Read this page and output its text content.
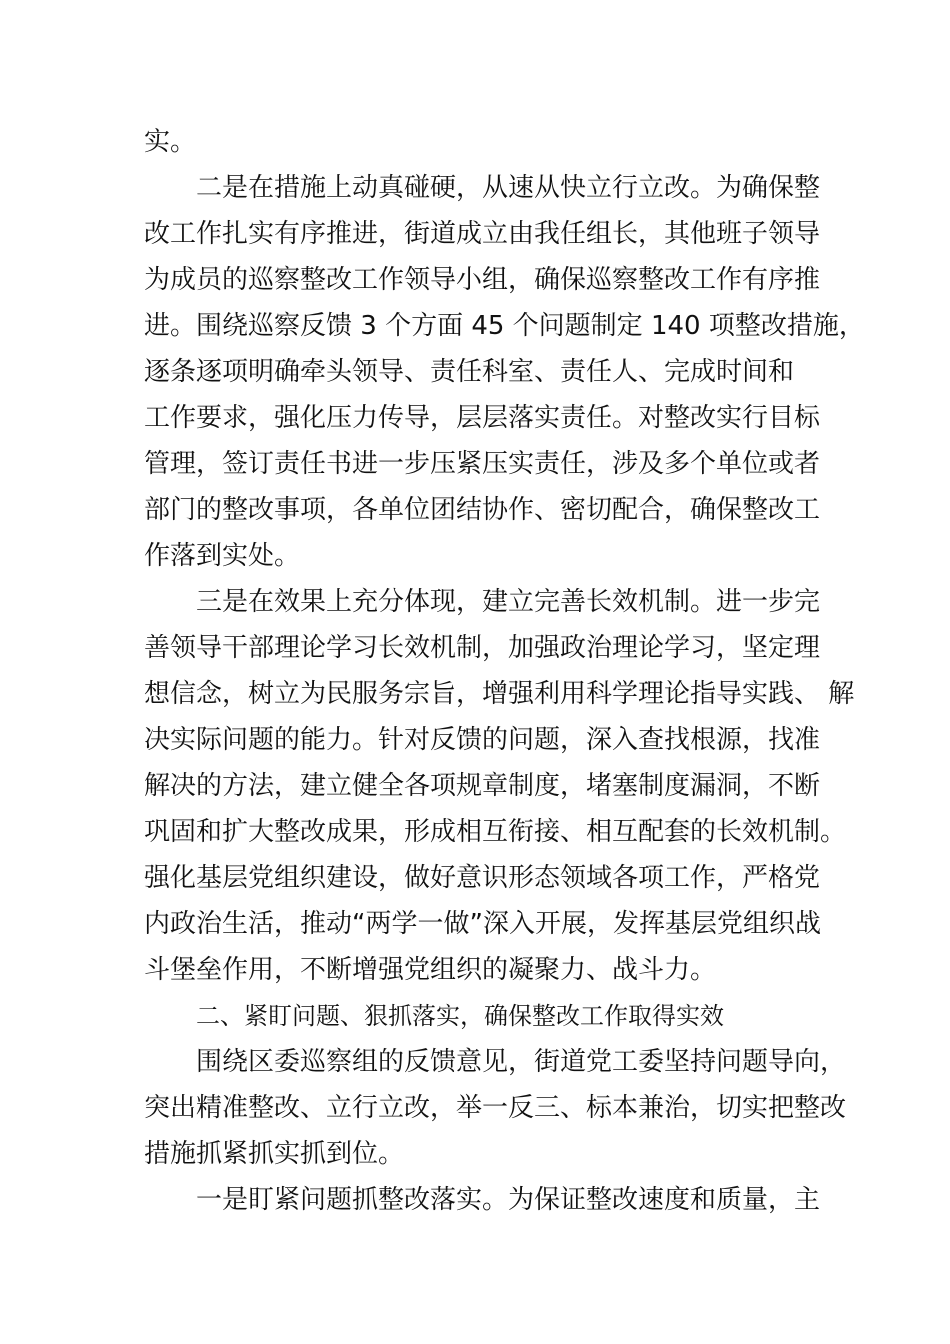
实。

二是在措施上动真碰硬，从速从快立行立改。为确保整

改工作扎实有序推进，街道成立由我任组长，其他班子领导

为成员的巡察整改工作领导小组，确保巡察整改工作有序推

进。围绕巡察反馈 3 个方面 45 个问题制定 140 项整改措施，

逐条逐项明确牵头领导、责任科室、责任人、完成时间和

工作要求，强化压力传导，层层落实责任。对整改实行目标

管理，签订责任书进一步压紧压实责任，涉及多个单位或者

部门的整改事项，各单位团结协作、密切配合，确保整改工

作落到实处。

三是在效果上充分体现，建立完善长效机制。进一步完

善领导干部理论学习长效机制，加强政治理论学习，坚定理

想信念，树立为民服务宗旨，增强利用科学理论指导实践、 解

决实际问题的能力。针对反馈的问题，深入查找根源，找准

解决的方法，建立健全各项规章制度，堵塞制度漏洞，不断

巩固和扩大整改成果，形成相互衔接、相互配套的长效机制。

强化基层党组织建设，做好意识形态领域各项工作，严格党

内政治生活，推动“两学一做”深入开展，发挥基层党组织战

斗堡垒作用，不断增强党组织的凝聚力、战斗力。

二、紧盯问题、狠抓落实，确保整改工作取得实效

围绕区委巡察组的反馈意见，街道党工委坚持问题导向，

突出精准整改、立行立改，举一反三、标本兼治，切实把整改

措施抓紧抓实抓到位。

一是盯紧问题抓整改落实。为保证整改速度和质量，主
